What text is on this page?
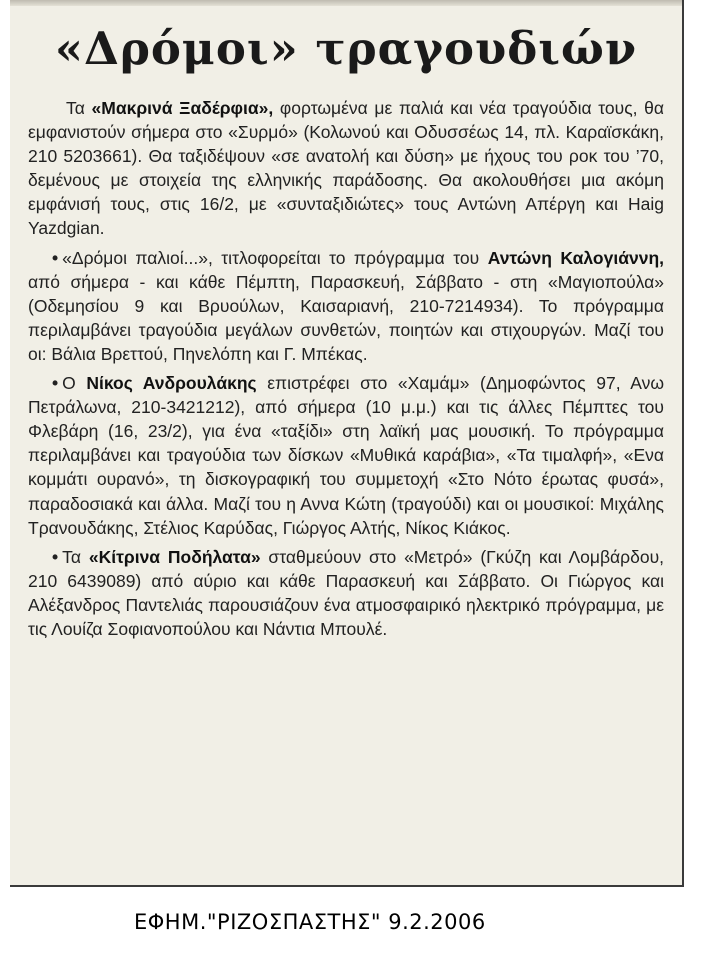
«Δρόμοι» τραγουδιών

Τα «Μακρινά Ξαδέρφια», φορτωμένα με παλιά και νέα τραγούδια τους, θα εμφανιστούν σήμερα στο «Συρμό» (Κολωνού και Οδυσσέως 14, πλ. Καραϊσκάκη, 210 5203661). Θα ταξιδέψουν «σε ανατολή και δύση» με ήχους του ροκ του ’70, δεμένους με στοιχεία της ελληνικής παράδοσης. Θα ακολουθήσει μια ακόμη εμφάνισή τους, στις 16/2, με «συνταξιδιώτες» τους Αντώνη Απέργη και Haig Yazdgian.

• «Δρόμοι παλιοί...», τιτλοφορείται το πρόγραμμα του Αντώνη Καλογιάννη, από σήμερα - και κάθε Πέμπτη, Παρασκευή, Σάββατο - στη «Μαγιοπούλα» (Οδεμησίου 9 και Βρυούλων, Καισαριανή, 210-7214934). Το πρόγραμμα περιλαμβάνει τραγούδια μεγάλων συνθετών, ποιητών και στιχουργών. Μαζί του οι: Βάλια Βρεττού, Πηνελόπη και Γ. Μπέκας.

• Ο Νίκος Ανδρουλάκης επιστρέφει στο «Χαμάμ» (Δημοφώντος 97, Ανω Πετράλωνα, 210-3421212), από σήμερα (10 μ.μ.) και τις άλλες Πέμπτες του Φλεβάρη (16, 23/2), για ένα «ταξίδι» στη λαϊκή μας μουσική. Το πρόγραμμα περιλαμβάνει και τραγούδια των δίσκων «Μυθικά καράβια», «Τα τιμαλφή», «Ενα κομμάτι ουρανό», τη δισκογραφική του συμμετοχή «Στο Νότο έρωτας φυσά», παραδοσιακά και άλλα. Μαζί του η Αννα Κώτη (τραγούδι) και οι μουσικοί: Μιχάλης Τρανουδάκης, Στέλιος Καρύδας, Γιώργος Αλτής, Νίκος Κιάκος.

• Τα «Κίτρινα Ποδήλατα» σταθμεύουν στο «Μετρό» (Γκύζη και Λομβάρδου, 210 6439089) από αύριο και κάθε Παρασκευή και Σάββατο. Οι Γιώργος και Αλέξανδρος Παντελιάς παρουσιάζουν ένα ατμοσφαιρικό ηλεκτρικό πρόγραμμα, με τις Λουίζα Σοφιανοπούλου και Νάντια Μπουλέ.

ΕΦΗΜ."ΡΙΖΟΣΠΑΣΤΗΣ" 9.2.2006
